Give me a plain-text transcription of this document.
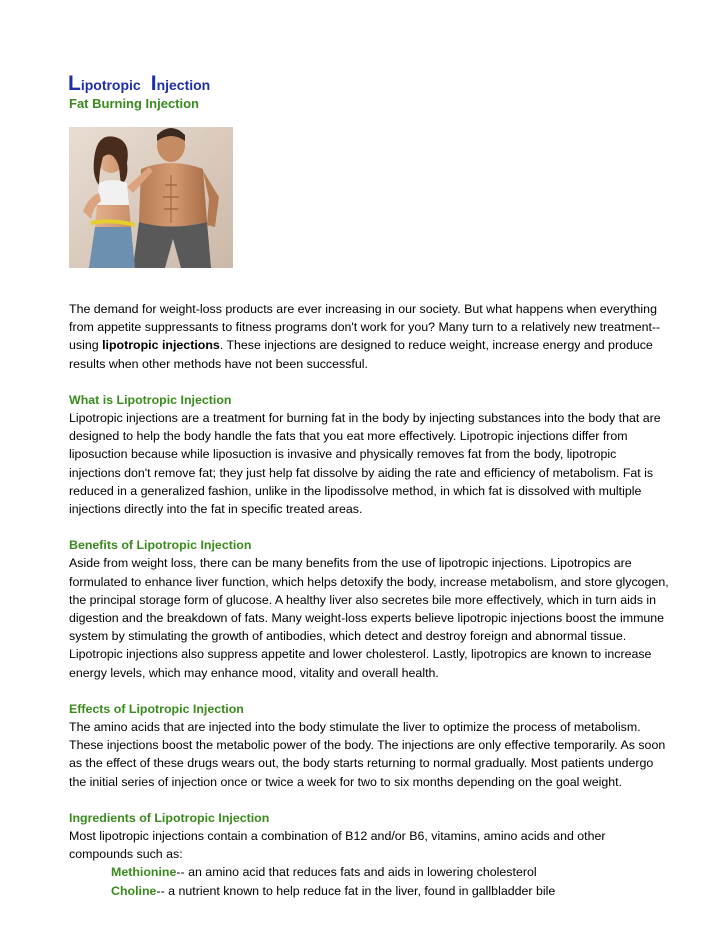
Lipotropic Injection
Fat Burning Injection

The demand for weight-loss products are ever increasing in our society. But what happens when everything from appetite suppressants to fitness programs don't work for you? Many turn to a relatively new treatment-- using lipotropic injections. These injections are designed to reduce weight, increase energy and produce results when other methods have not been successful.

What is Lipotropic Injection

Lipotropic injections are a treatment for burning fat in the body by injecting substances into the body that are designed to help the body handle the fats that you eat more effectively. Lipotropic injections differ from liposuction because while liposuction is invasive and physically removes fat from the body, lipotropic injections don't remove fat; they just help fat dissolve by aiding the rate and efficiency of metabolism. Fat is reduced in a generalized fashion, unlike in the lipodissolve method, in which fat is dissolved with multiple injections directly into the fat in specific treated areas.

Benefits of Lipotropic Injection

Aside from weight loss, there can be many benefits from the use of lipotropic injections. Lipotropics are formulated to enhance liver function, which helps detoxify the body, increase metabolism, and store glycogen, the principal storage form of glucose. A healthy liver also secretes bile more effectively, which in turn aids in digestion and the breakdown of fats. Many weight-loss experts believe lipotropic injections boost the immune system by stimulating the growth of antibodies, which detect and destroy foreign and abnormal tissue. Lipotropic injections also suppress appetite and lower cholesterol. Lastly, lipotropics are known to increase energy levels, which may enhance mood, vitality and overall health.

Effects of Lipotropic Injection

The amino acids that are injected into the body stimulate the liver to optimize the process of metabolism. These injections boost the metabolic power of the body. The injections are only effective temporarily. As soon as the effect of these drugs wears out, the body starts returning to normal gradually. Most patients undergo the initial series of injection once or twice a week for two to six months depending on the goal weight.

Ingredients of Lipotropic Injection

Most lipotropic injections contain a combination of B12 and/or B6, vitamins, amino acids and other compounds such as:

Methionine-- an amino acid that reduces fats and aids in lowering cholesterol
Choline-- a nutrient known to help reduce fat in the liver, found in gallbladder bile
